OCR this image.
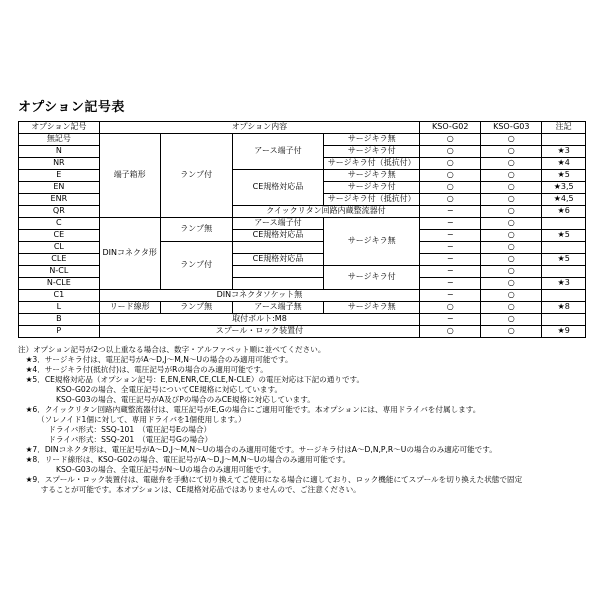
オプション記号表
オプション記号	オプション内容				KSO-G02	KSO-G03	注記
無記号	端子箱形	ランプ付	アース端子付	サージキラ無	○	○	
N				サージキラ付	○	○	★3
NR				サージキラ付（抵抗付）	○	○	★4
E			CE規格対応品	サージキラ無	○	○	★5
EN				サージキラ付	○	○	★3,5
ENR				サージキラ付（抵抗付）	○	○	★4,5
QR			クイックリタン回路内蔵整流器付		−	○	★6
C	DINコネクタ形	ランプ無	アース端子付	サージキラ無	−	○	
CE			CE規格対応品		−	○	★5
CL		ランプ付			−	○	
CLE			CE規格対応品		−	○	★5
N-CL				サージキラ付	−	○	
N-CLE					−	○	★3
C1	DINコネクタソケット無				−	○	
L	リード線形	ランプ無	アース端子無	サージキラ無	○	○	★8
B	取付ボルト:M8				−	○	
P	スプール・ロック装置付				○	○	★9
注）オプション記号が2つ以上重なる場合は、数字・アルファベット順に並べてください。
　★3．サージキラ付は、電圧記号がA〜D,J〜M,N〜Uの場合のみ適用可能です。
　★4．サージキラ付(抵抗付)は、電圧記号がRの場合のみ適用可能です。
　★5．CE規格対応品（オプション記号：E,EN,ENR,CE,CLE,N-CLE）の電圧対応は下記の通りです。
　　　　　KSO-G02の場合、全電圧記号についてCE規格に対応しています。
　　　　　KSO-G03の場合、電圧記号がA及びPの場合のみCE規格に対応しています。
　★6．クイックリタン回路内蔵整流器付は、電圧記号がE,Gの場合にご適用可能です。本オプションには、専用ドライバを付属します。
　　　（ソレノイド1個に対して、専用ドライバを1個使用します。）
　　　　ドライバ形式：SSQ-101　（電圧記号Eの場合）
　　　　ドライバ形式：SSQ-201　（電圧記号Gの場合）
　★7．DINコネクタ形は、電圧記号がA〜D,J〜M,N〜Uの場合のみ適用可能です。サージキラ付はA〜D,N,P,R〜Uの場合のみ適応可能です。
　★8．リード線形は、KSO-G02の場合、電圧記号がA〜D,J〜M,N〜Uの場合のみ適用可能です。
　　　　　KSO-G03の場合、全電圧記号がN〜Uの場合のみ適用可能です。
　★9．スプール・ロック装置付は、電磁弁を手動にて切り換えてご使用になる場合に適しており、ロック機能にてスプールを切り換えた状態で固定
　　　することが可能です。本オプションは、CE規格対応品ではありませんので、ご注意ください。
